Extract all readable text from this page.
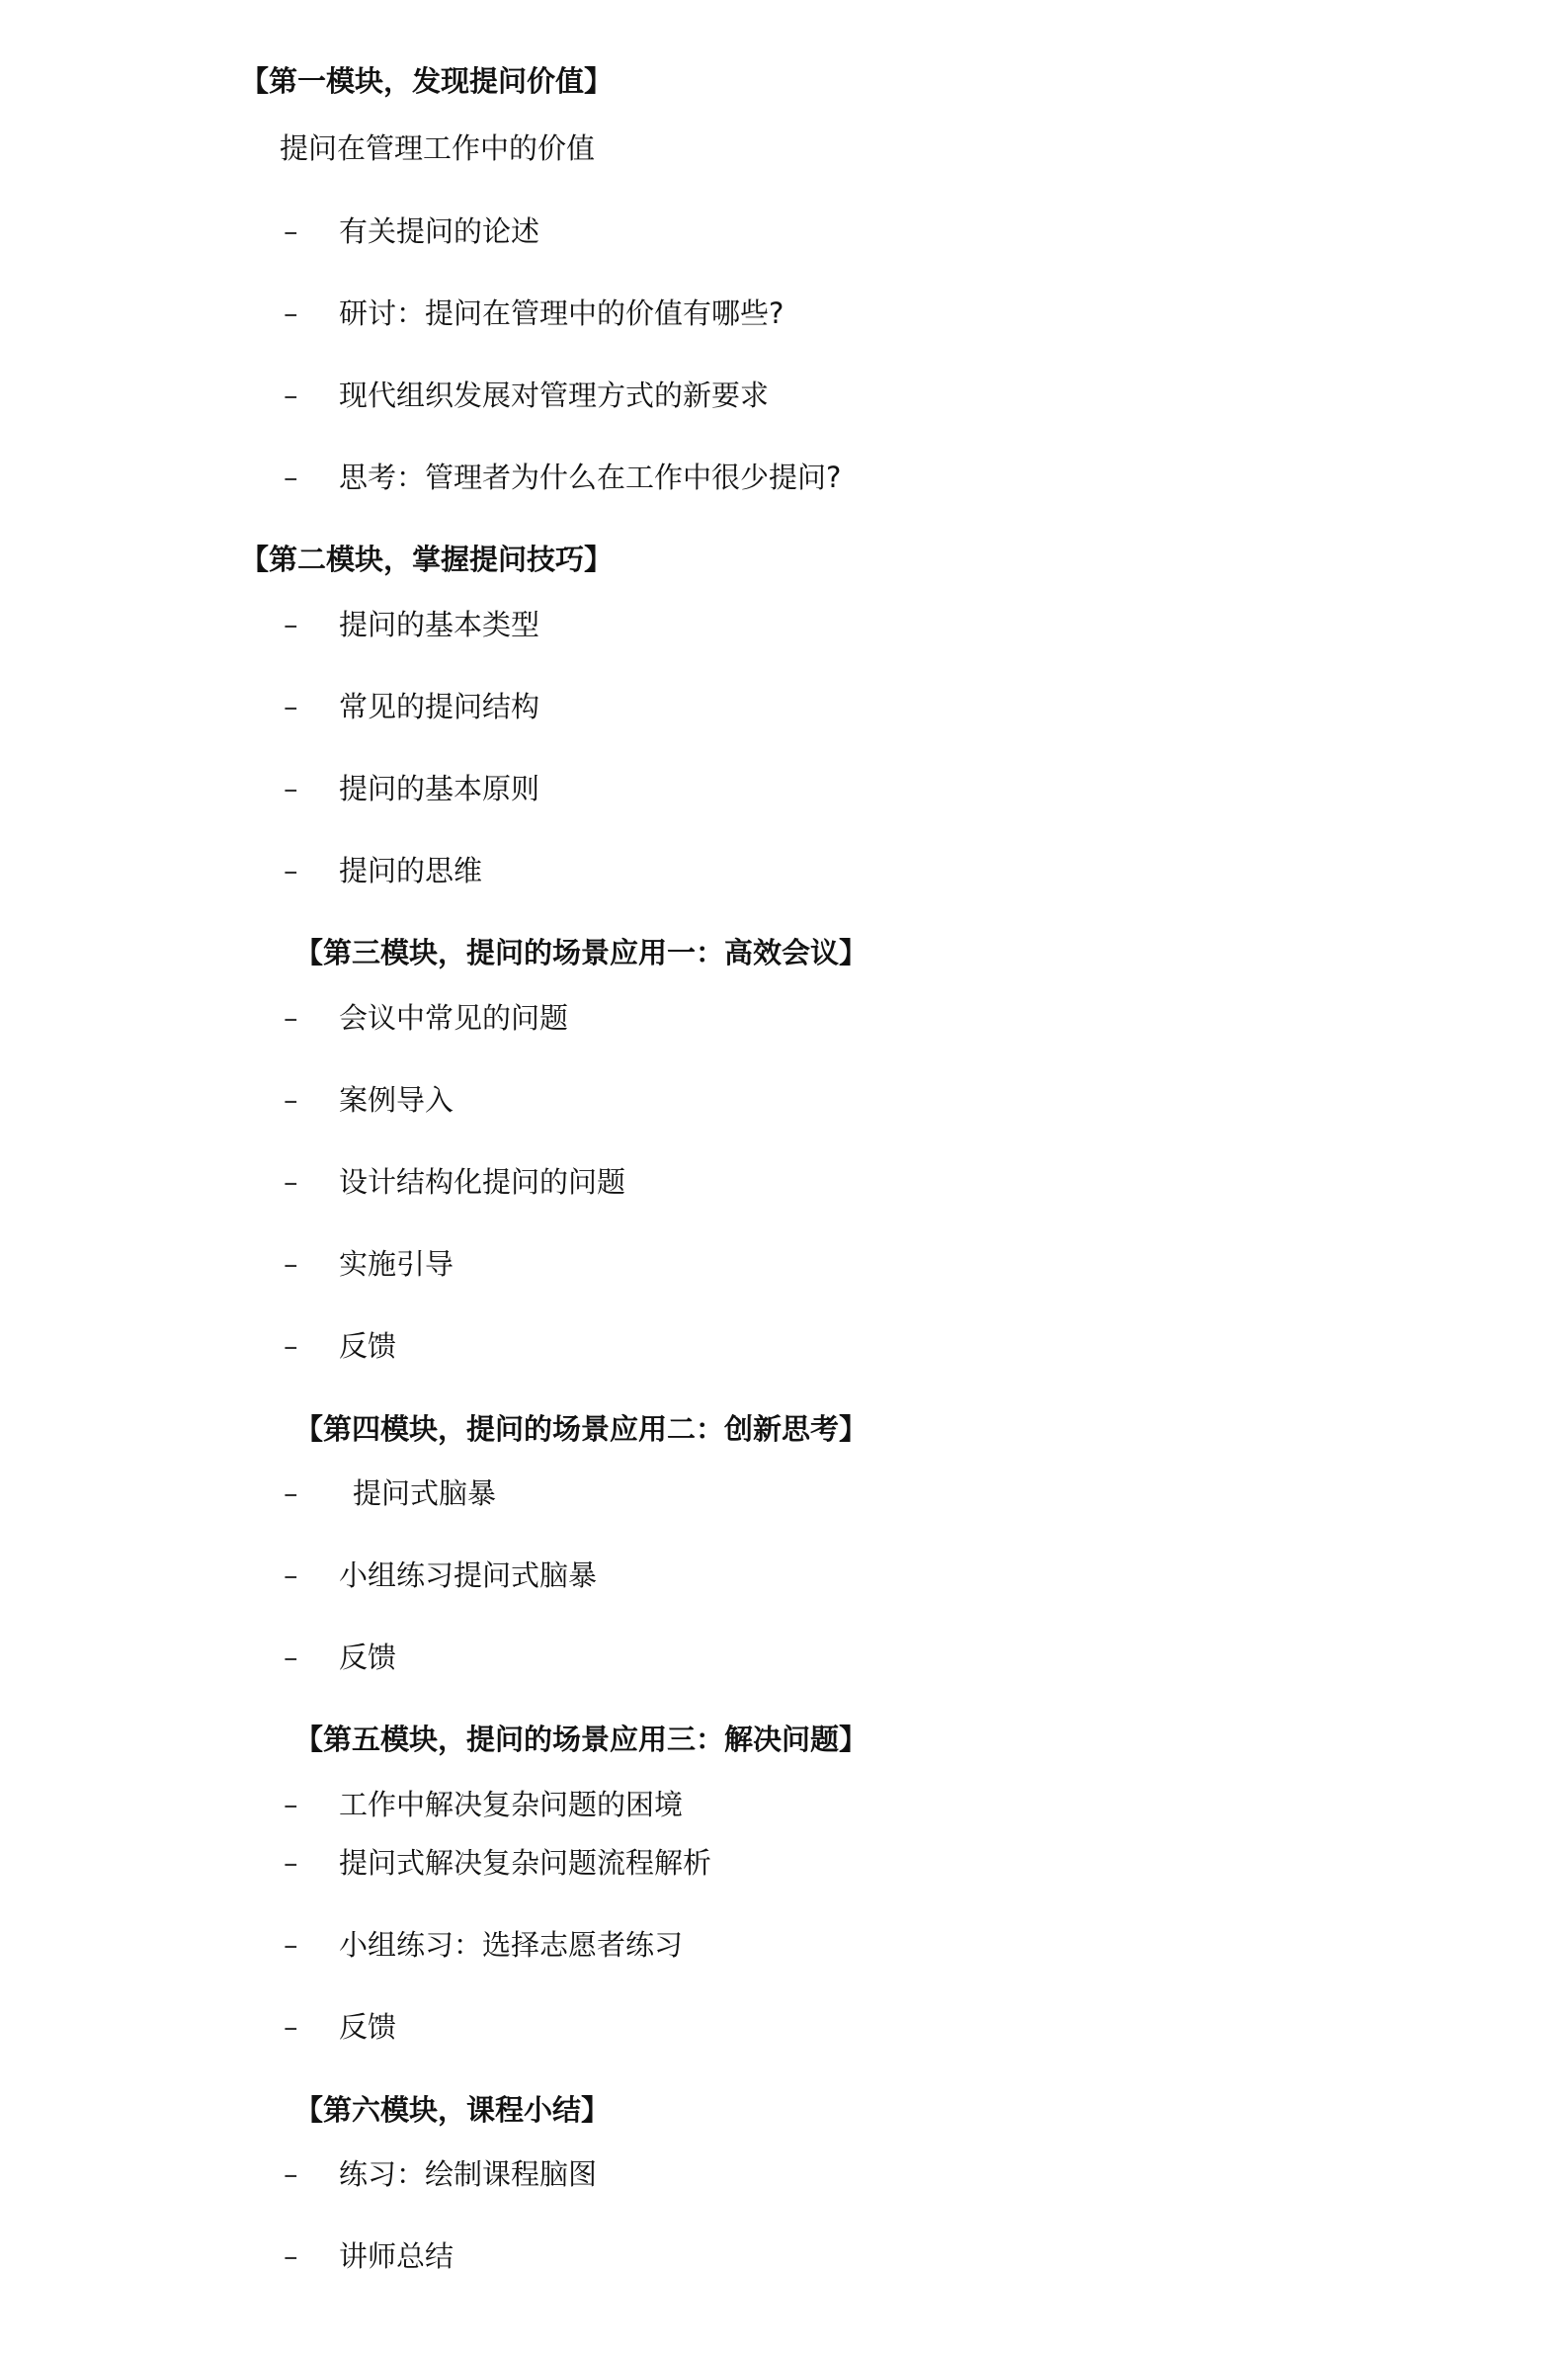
【第一模块，发现提问价值】
提问在管理工作中的价值
– 有关提问的论述
– 研讨：提问在管理中的价值有哪些?
– 现代组织发展对管理方式的新要求
– 思考：管理者为什么在工作中很少提问?
【第二模块，掌握提问技巧】
– 提问的基本类型
– 常见的提问结构
– 提问的基本原则
– 提问的思维
【第三模块，提问的场景应用一：高效会议】
– 会议中常见的问题
– 案例导入
– 设计结构化提问的问题
– 实施引导
– 反馈
【第四模块，提问的场景应用二：创新思考】
– 提问式脑暴
– 小组练习提问式脑暴
– 反馈
【第五模块，提问的场景应用三：解决问题】
– 工作中解决复杂问题的困境
– 提问式解决复杂问题流程解析
– 小组练习：选择志愿者练习
– 反馈
【第六模块，课程小结】
– 练习：绘制课程脑图
– 讲师总结
